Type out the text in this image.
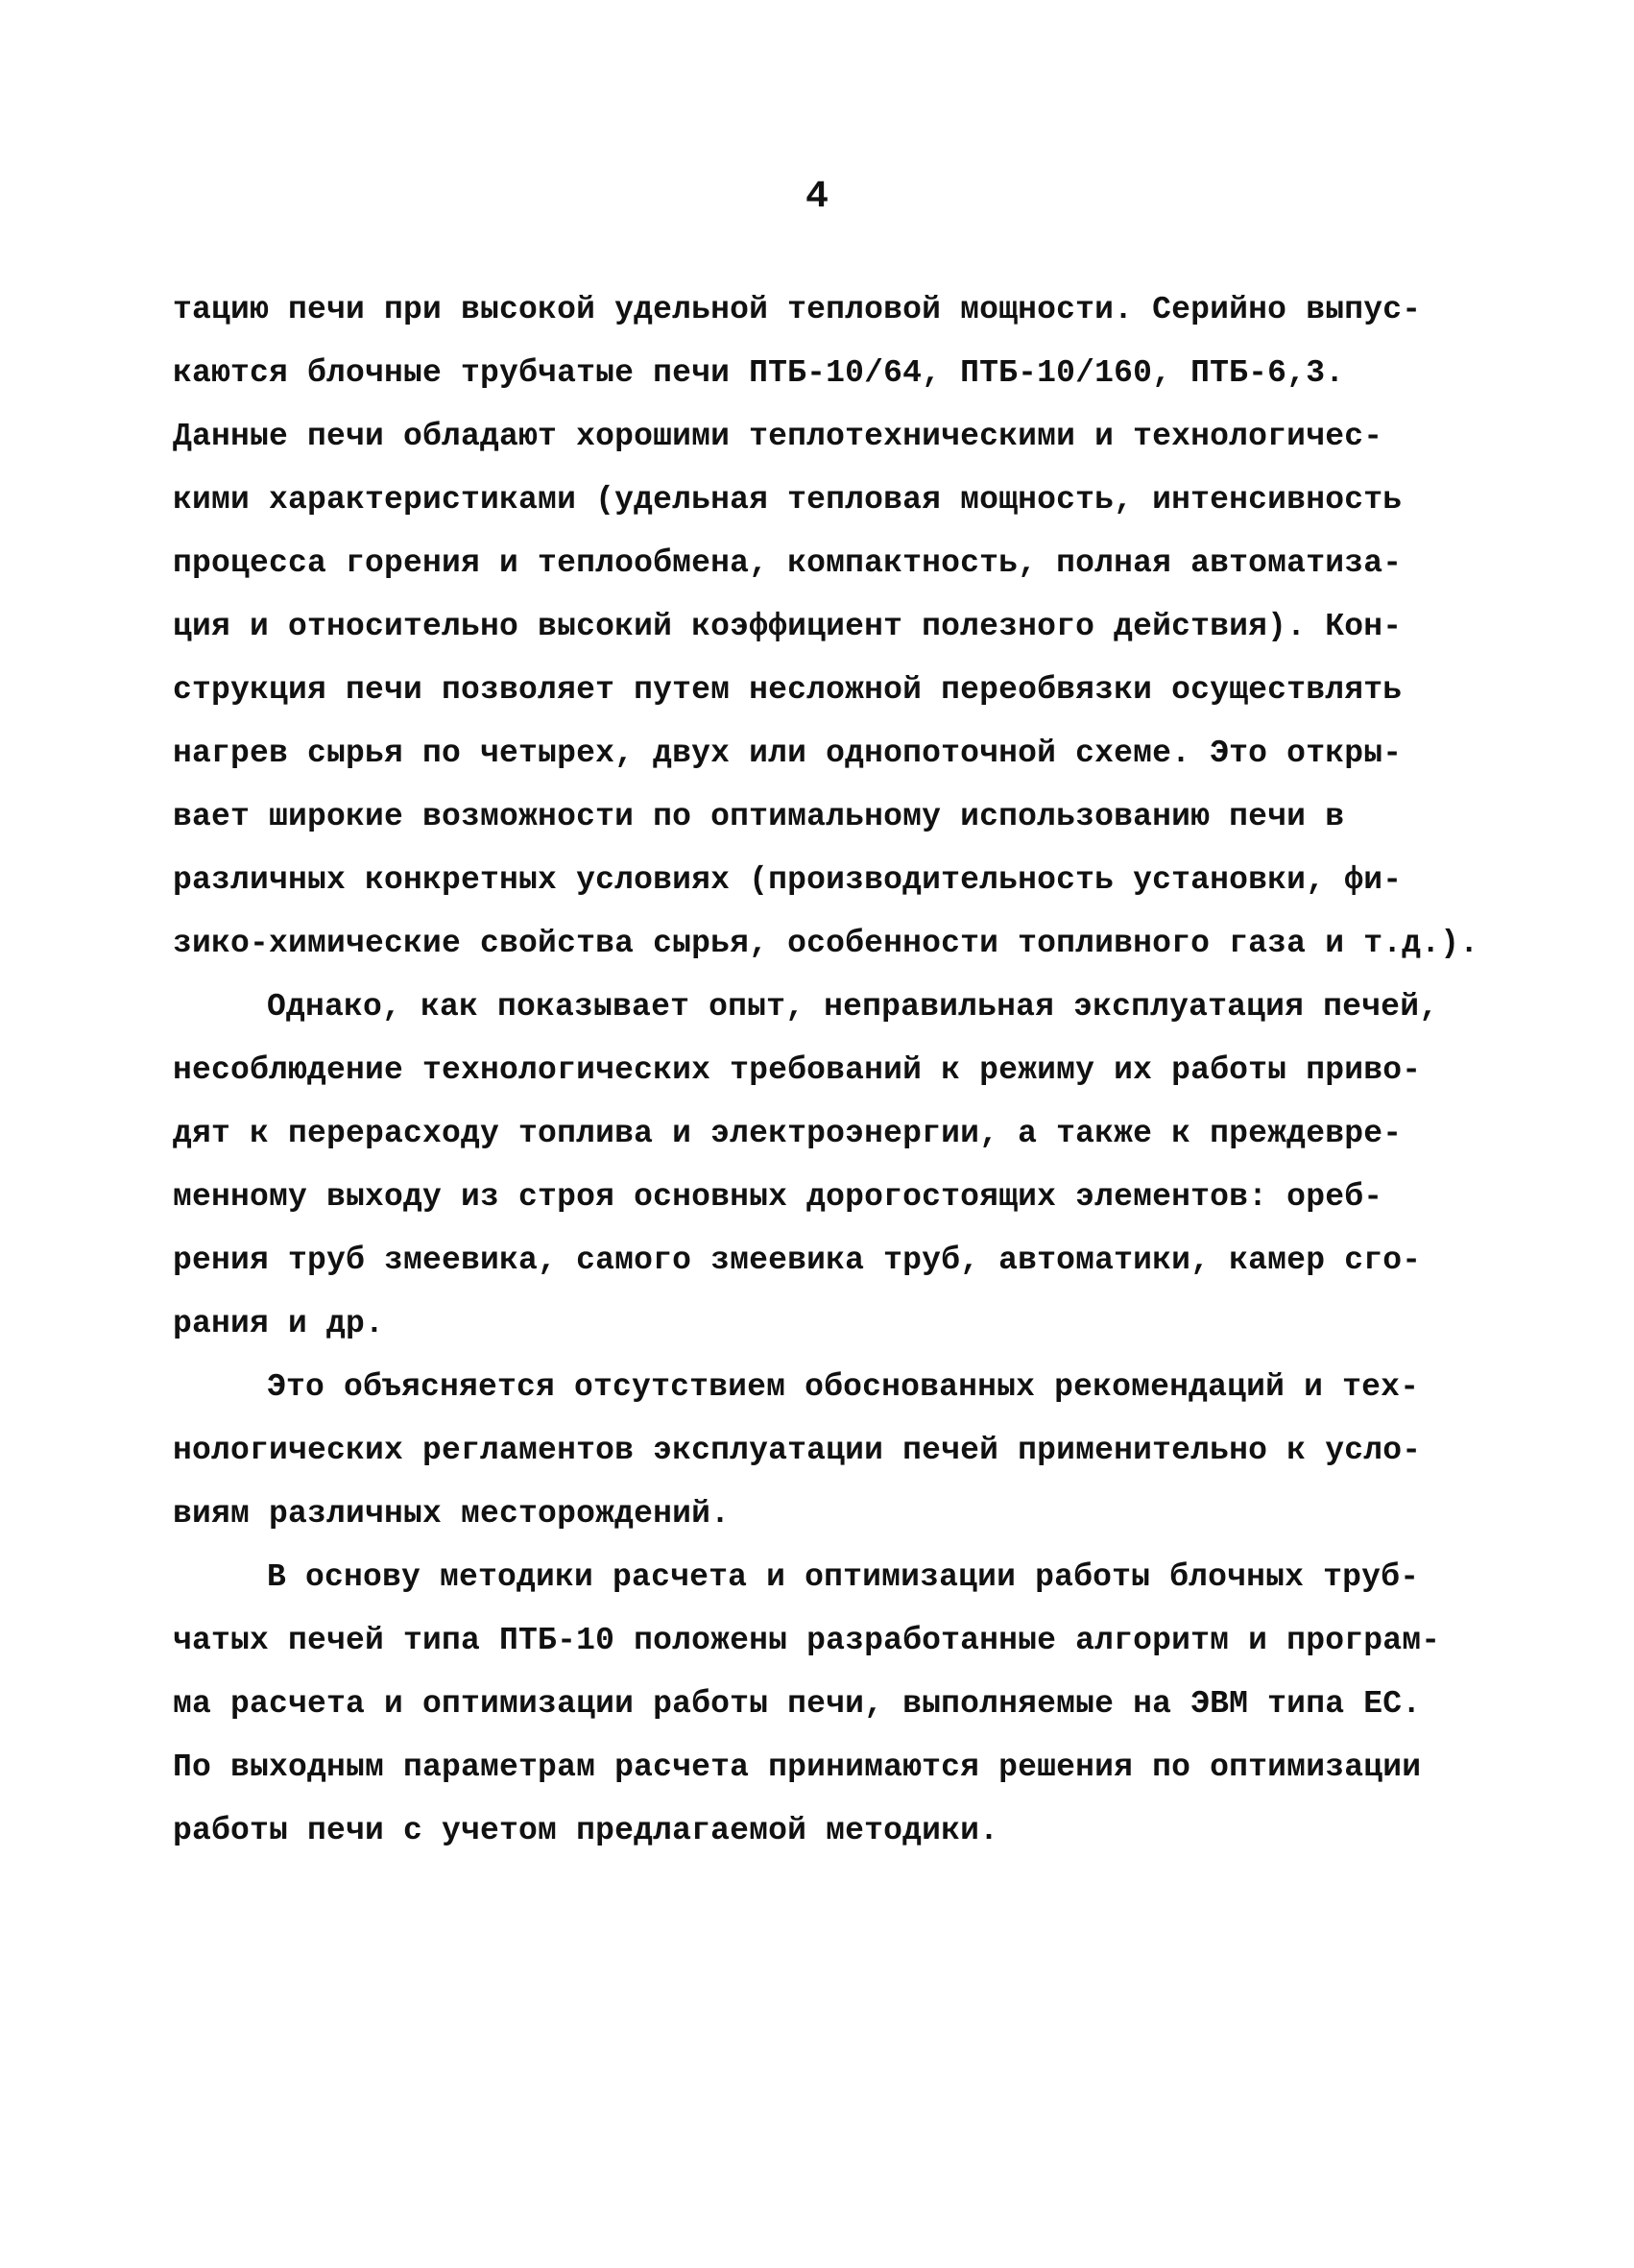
4
тацию печи при высокой удельной тепловой мощности. Серийно выпус-
каются блочные трубчатые печи ПТБ-10/64, ПТБ-10/160, ПТБ-6,3.
Данные печи обладают хорошими теплотехническими и технологичес-
кими характеристиками (удельная тепловая мощность, интенсивность
процесса горения и теплообмена, компактность, полная автоматиза-
ция и относительно высокий коэффициент полезного действия). Кон-
струкция печи позволяет путем несложной переобвязки осуществлять
нагрев сырья по четырех, двух или однопоточной схеме. Это откры-
вает широкие возможности по оптимальному использованию печи в
различных конкретных условиях (производительность установки, фи-
зико-химические свойства сырья, особенности топливного газа и т.д.).
Однако, как показывает опыт, неправильная эксплуатация печей,
несоблюдение технологических требований к режиму их работы приво-
дят к перерасходу топлива и электроэнергии, а также к преждевре-
менному выходу из строя основных дорогостоящих элементов: ореб-
рения труб змеевика, самого змеевика труб, автоматики, камер сго-
рания и др.
Это объясняется отсутствием обоснованных рекомендаций и тех-
нологических регламентов эксплуатации печей применительно к усло-
виям различных месторождений.
В основу методики расчета и оптимизации работы блочных труб-
чатых печей типа ПТБ-10 положены разработанные алгоритм и програм-
ма расчета и оптимизации работы печи, выполняемые на ЭВМ типа ЕС.
По выходным параметрам расчета принимаются решения по оптимизации
работы печи с учетом предлагаемой методики.
